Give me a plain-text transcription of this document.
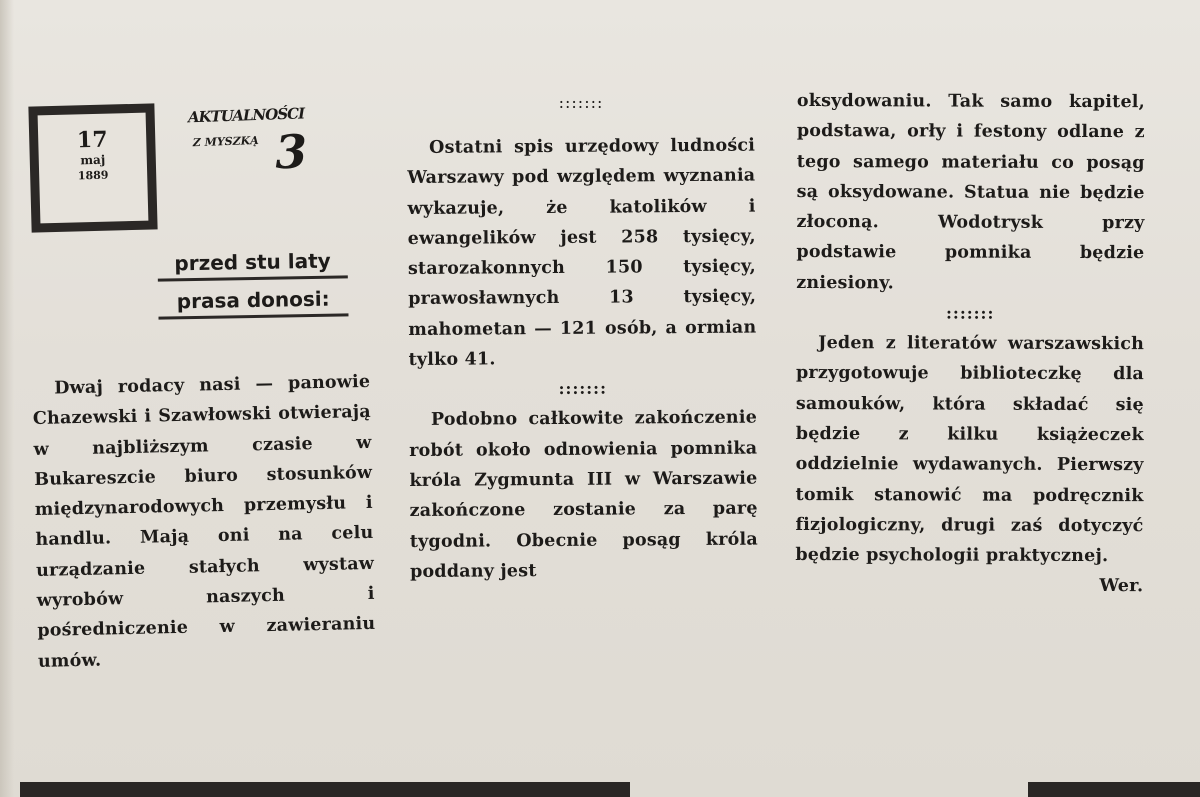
17
maj
1889
AKTUALNOŚCI
Z MYSZKĄ 3
przed stu laty
prasa donosi:

Dwaj rodacy nasi — panowie Chazewski i Szawłowski otwierają w najbliższym czasie w Bukareszcie biuro stosunków międzynarodowych przemysłu i handlu. Mają oni na celu urządzanie stałych wystaw wyrobów naszych i pośredniczenie w zawieraniu umów.

:::::::

Ostatni spis urzędowy ludności Warszawy pod względem wyznania wykazuje, że katolików i ewangelików jest 258 tysięcy, starozakonnych 150 tysięcy, prawosławnych 13 tysięcy, mahometan — 121 osób, a ormian tylko 41.

:::::::

Podobno całkowite zakończenie robót około odnowienia pomnika króla Zygmunta III w Warszawie zakończone zostanie za parę tygodni. Obecnie posąg króla poddany jest

oksydowaniu. Tak samo kapitel, podstawa, orły i festony odlane z tego samego materiału co posąg są oksydowane. Statua nie będzie złoconą. Wodotrysk przy podstawie pomnika będzie zniesiony.

:::::::

Jeden z literatów warszawskich przygotowuje biblioteczkę dla samouków, która składać się będzie z kilku książeczek oddzielnie wydawanych. Pierwszy tomik stanowić ma podręcznik fizjologiczny, drugi zaś dotyczyć będzie psychologii praktycznej.

Wer.
